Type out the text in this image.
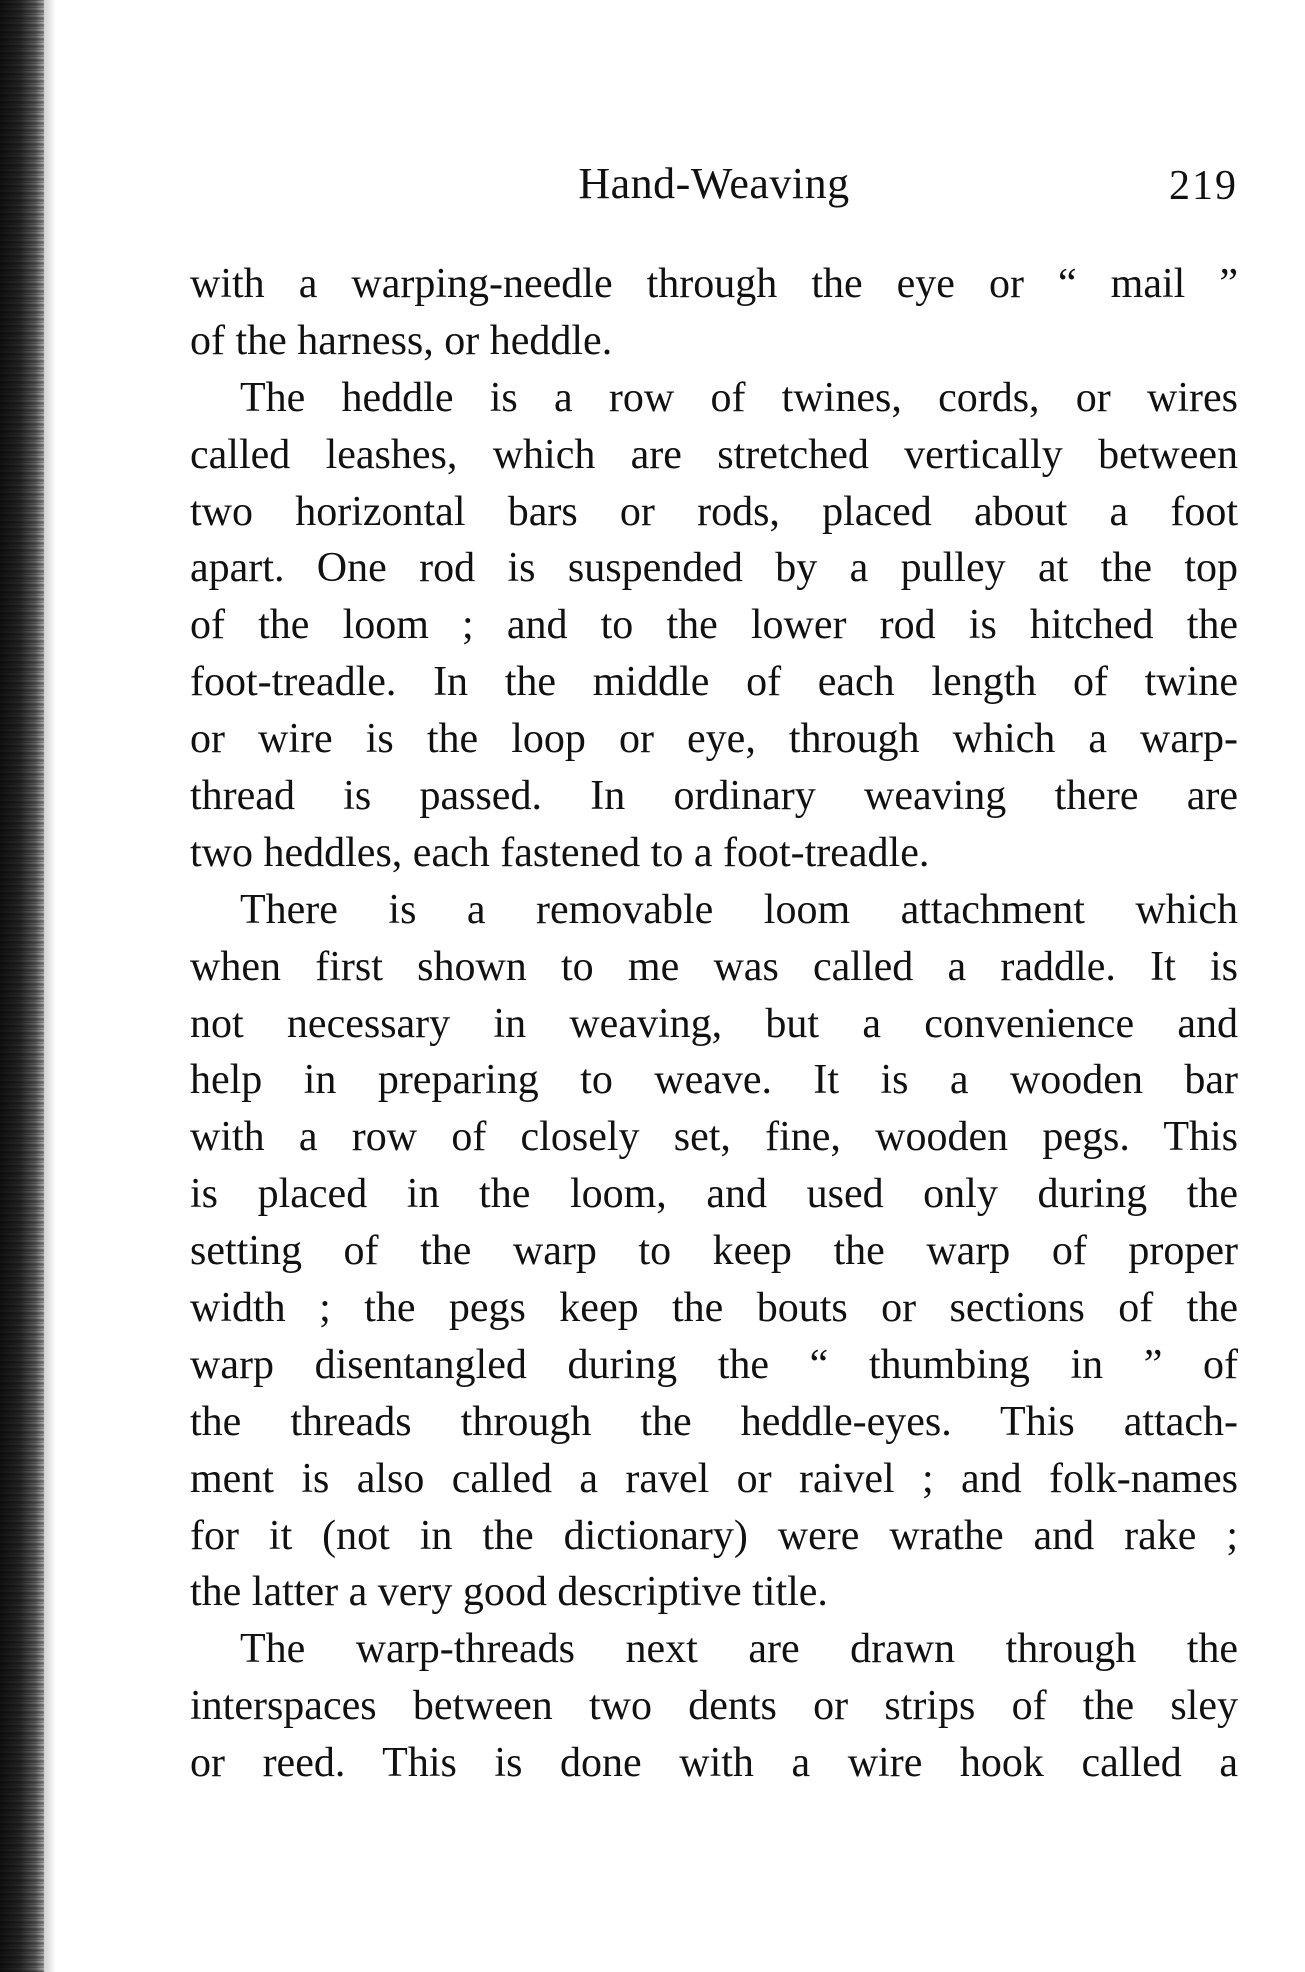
Hand-Weaving	219
with a warping-needle through the eye or “ mail ”
of the harness, or heddle.
The heddle is a row of twines, cords, or wires
called leashes, which are stretched vertically between
two horizontal bars or rods, placed about a foot
apart. One rod is suspended by a pulley at the top
of the loom ; and to the lower rod is hitched the
foot-treadle. In the middle of each length of twine
or wire is the loop or eye, through which a warp-
thread is passed. In ordinary weaving there are
two heddles, each fastened to a foot-treadle.
There is a removable loom attachment which
when first shown to me was called a raddle. It is
not necessary in weaving, but a convenience and
help in preparing to weave. It is a wooden bar
with a row of closely set, fine, wooden pegs. This
is placed in the loom, and used only during the
setting of the warp to keep the warp of proper
width ; the pegs keep the bouts or sections of the
warp disentangled during the “ thumbing in ” of
the threads through the heddle-eyes. This attach-
ment is also called a ravel or raivel ; and folk-names
for it (not in the dictionary) were wrathe and rake ;
the latter a very good descriptive title.
The warp-threads next are drawn through the
interspaces between two dents or strips of the sley
or reed. This is done with a wire hook called a
